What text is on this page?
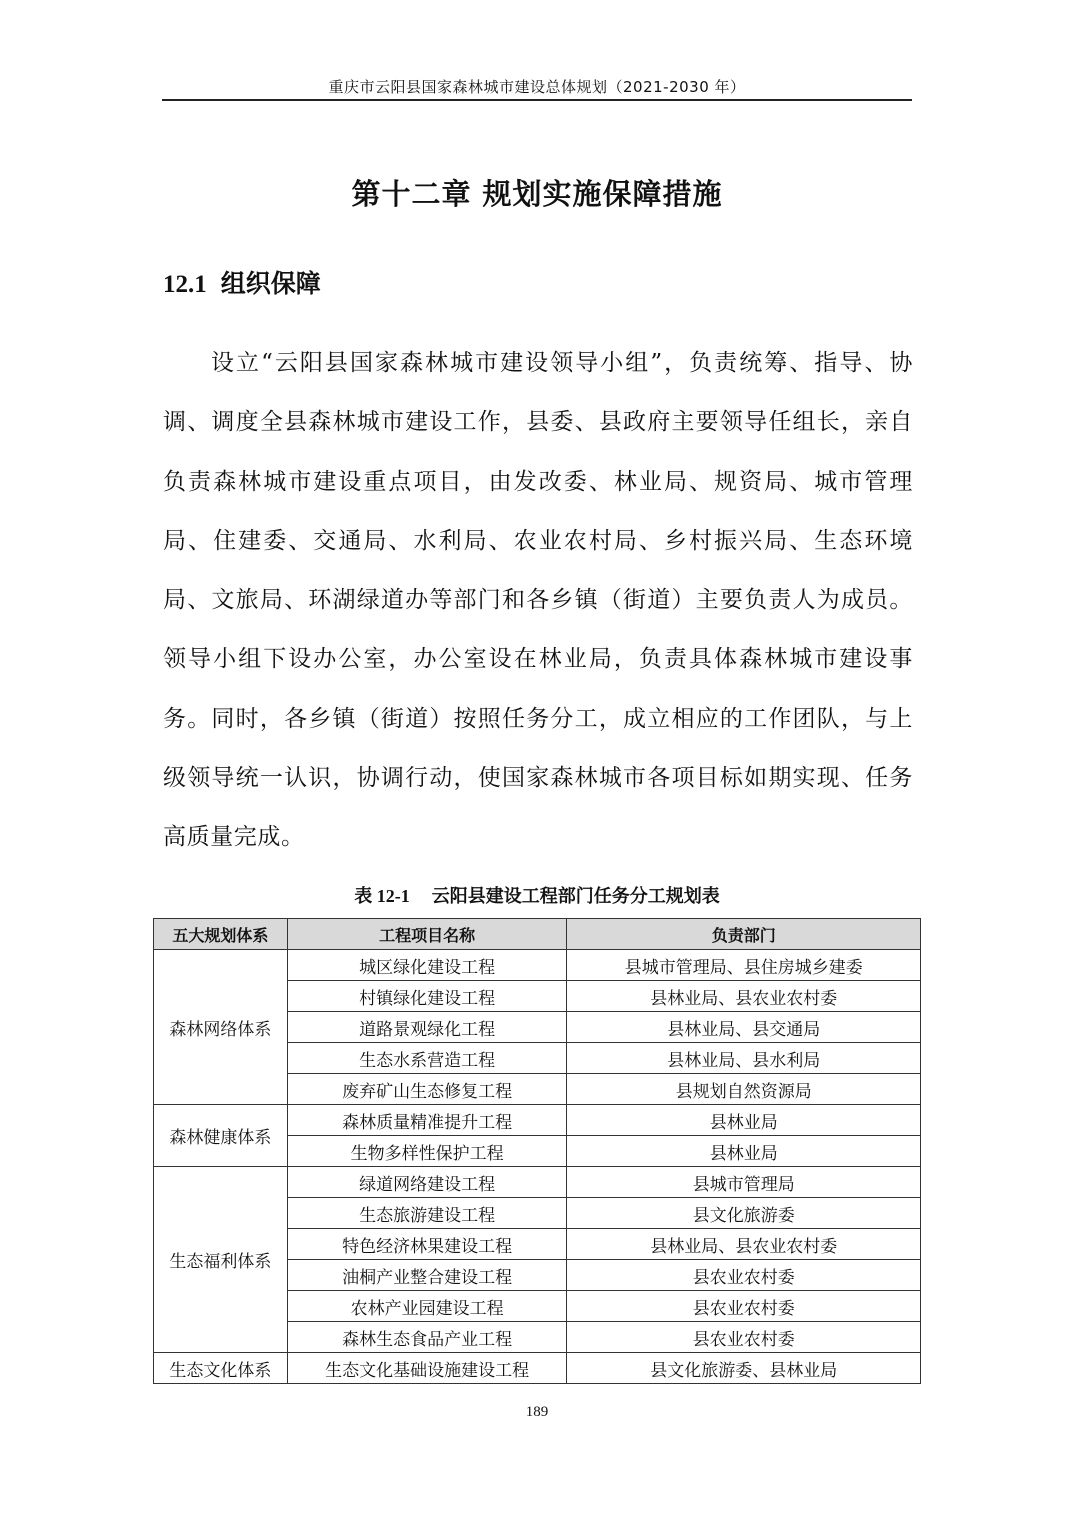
重庆市云阳县国家森林城市建设总体规划（2021-2030 年）
第十二章 规划实施保障措施
12.1 组织保障
设立“云阳县国家森林城市建设领导小组”，负责统筹、指导、协调、调度全县森林城市建设工作，县委、县政府主要领导任组长，亲自负责森林城市建设重点项目，由发改委、林业局、规资局、城市管理局、住建委、交通局、水利局、农业农村局、乡村振兴局、生态环境局、文旅局、环湖绿道办等部门和各乡镇（街道）主要负责人为成员。领导小组下设办公室，办公室设在林业局，负责具体森林城市建设事务。同时，各乡镇（街道）按照任务分工，成立相应的工作团队，与上级领导统一认识，协调行动，使国家森林城市各项目标如期实现、任务高质量完成。
表 12-1 云阳县建设工程部门任务分工规划表
五大规划体系	工程项目名称	负责部门
森林网络体系	城区绿化建设工程	县城市管理局、县住房城乡建委
	村镇绿化建设工程	县林业局、县农业农村委
	道路景观绿化工程	县林业局、县交通局
	生态水系营造工程	县林业局、县水利局
	废弃矿山生态修复工程	县规划自然资源局
森林健康体系	森林质量精准提升工程	县林业局
	生物多样性保护工程	县林业局
生态福利体系	绿道网络建设工程	县城市管理局
	生态旅游建设工程	县文化旅游委
	特色经济林果建设工程	县林业局、县农业农村委
	油桐产业整合建设工程	县农业农村委
	农林产业园建设工程	县农业农村委
	森林生态食品产业工程	县农业农村委
生态文化体系	生态文化基础设施建设工程	县文化旅游委、县林业局
189
